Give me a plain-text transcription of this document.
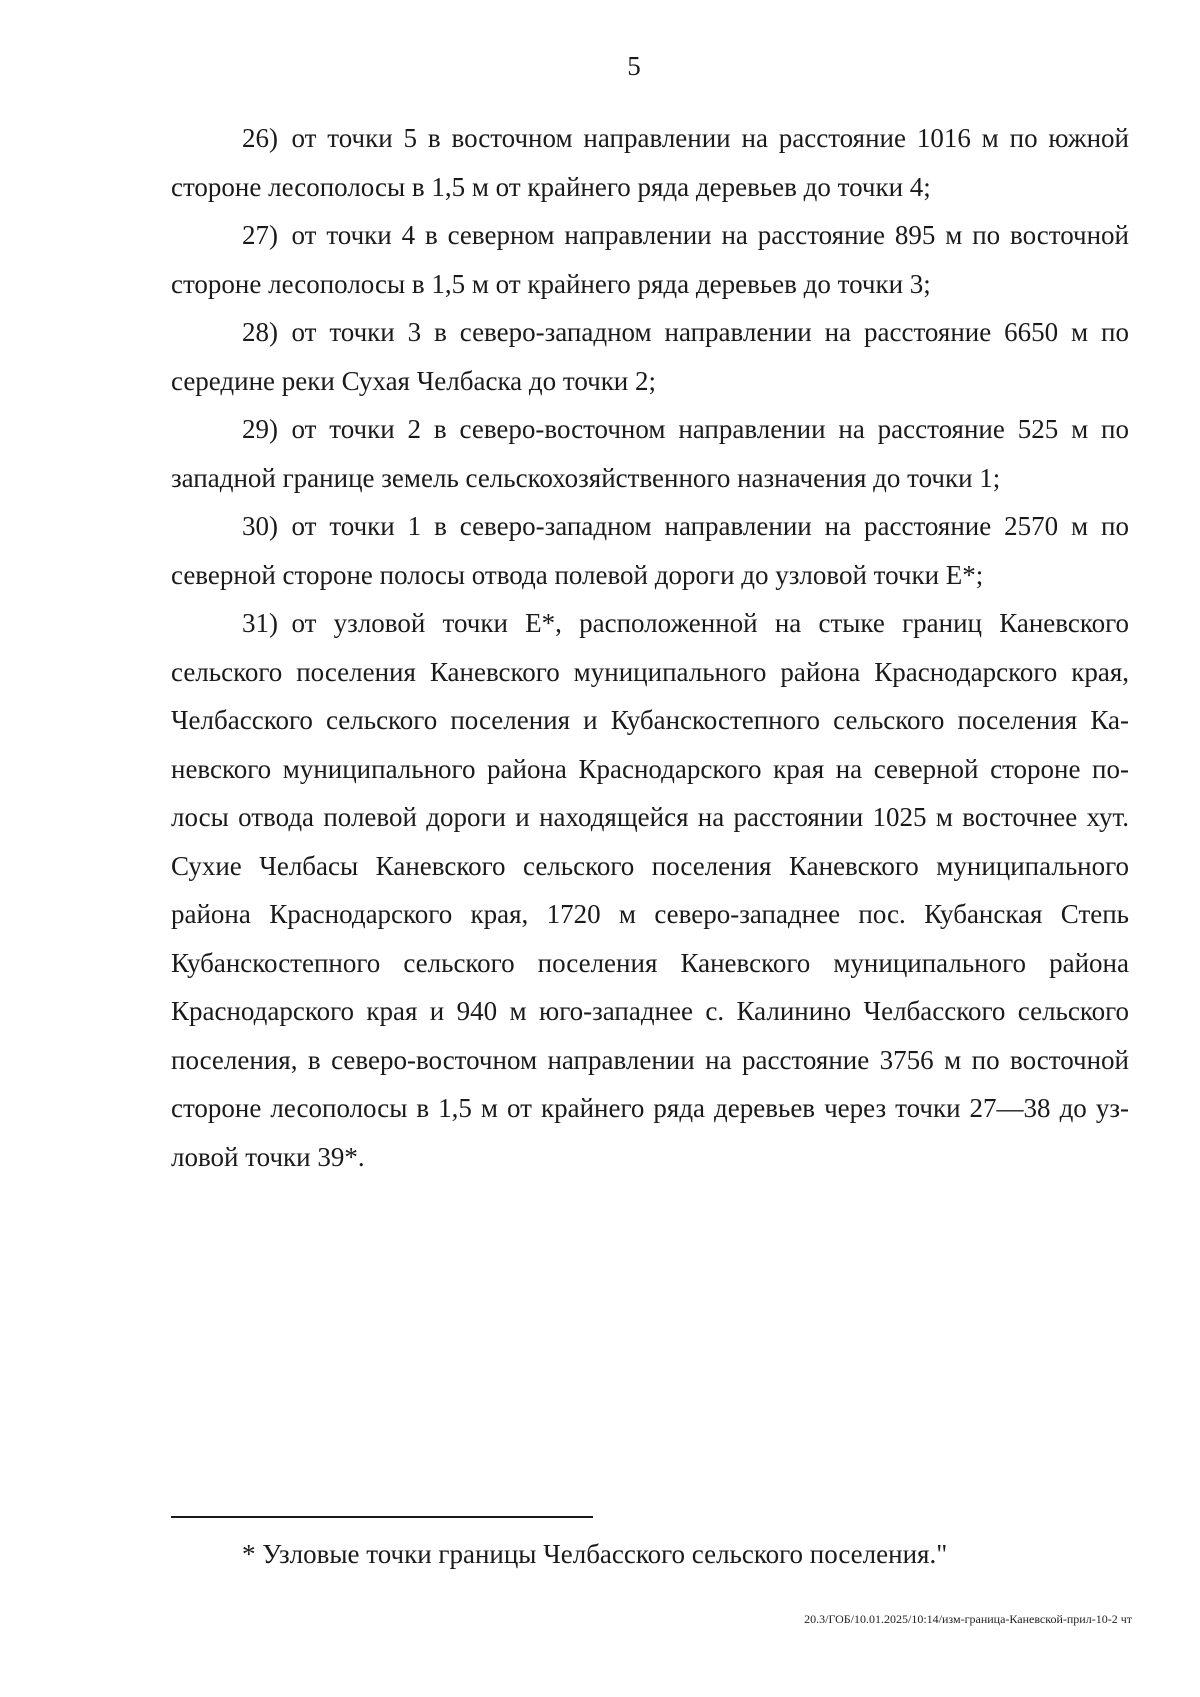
5

26) от точки 5 в восточном направлении на расстояние 1016 м по южной стороне лесополосы в 1,5 м от крайнего ряда деревьев до точки 4;

27) от точки 4 в северном направлении на расстояние 895 м по восточной стороне лесополосы в 1,5 м от крайнего ряда деревьев до точки 3;

28) от точки 3 в северо-западном направлении на расстояние 6650 м по середине реки Сухая Челбаска до точки 2;

29) от точки 2 в северо-восточном направлении на расстояние 525 м по западной границе земель сельскохозяйственного назначения до точки 1;

30) от точки 1 в северо-западном направлении на расстояние 2570 м по северной стороне полосы отвода полевой дороги до узловой точки Е*;

31) от узловой точки Е*, расположенной на стыке границ Каневского сельского поселения Каневского муниципального района Краснодарского края, Челбасского сельского поселения и Кубанскостепного сельского поселения Каневского муниципального района Краснодарского края на северной стороне полосы отвода полевой дороги и находящейся на расстоянии 1025 м восточнее хут. Сухие Челбасы Каневского сельского поселения Каневского муниципального района Краснодарского края, 1720 м северо-западнее пос. Кубанская Степь Кубанскостепного сельского поселения Каневского муниципального района Краснодарского края и 940 м юго-западнее с. Калинино Челбасского сельского поселения, в северо-восточном направлении на расстояние 3756 м по восточной стороне лесополосы в 1,5 м от крайнего ряда деревьев через точки 27—38 до узловой точки 39*.

* Узловые точки границы Челбасского сельского поселения."
20.3/ГОБ/10.01.2025/10:14/изм-граница-Каневской-прил-10-2 чт
